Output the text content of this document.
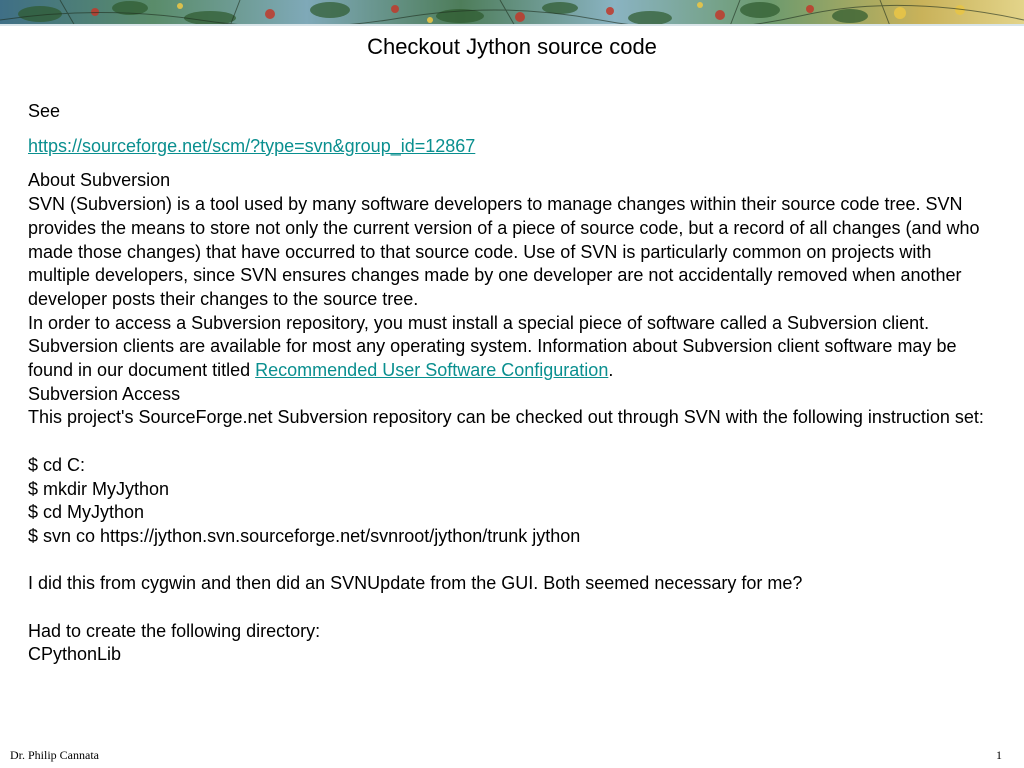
Checkout Jython source code

See

https://sourceforge.net/scm/?type=svn&group_id=12867

About Subversion

SVN (Subversion) is a tool used by many software developers to manage changes within their source code tree. SVN provides the means to store not only the current version of a piece of source code, but a record of all changes (and who made those changes) that have occurred to that source code. Use of SVN is particularly common on projects with multiple developers, since SVN ensures changes made by one developer are not accidentally removed when another developer posts their changes to the source tree.

In order to access a Subversion repository, you must install a special piece of software called a Subversion client. Subversion clients are available for most any operating system. Information about Subversion client software may be found in our document titled Recommended User Software Configuration.

Subversion Access

This project's SourceForge.net Subversion repository can be checked out through SVN with the following instruction set:

$ cd C:

$ mkdir MyJython

$ cd MyJython

$ svn co https://jython.svn.sourceforge.net/svnroot/jython/trunk jython

I did this from cygwin and then did an SVNUpdate from the GUI. Both seemed necessary for me?

Had to create the following directory:

CPythonLib

Dr. Philip Cannata	1
